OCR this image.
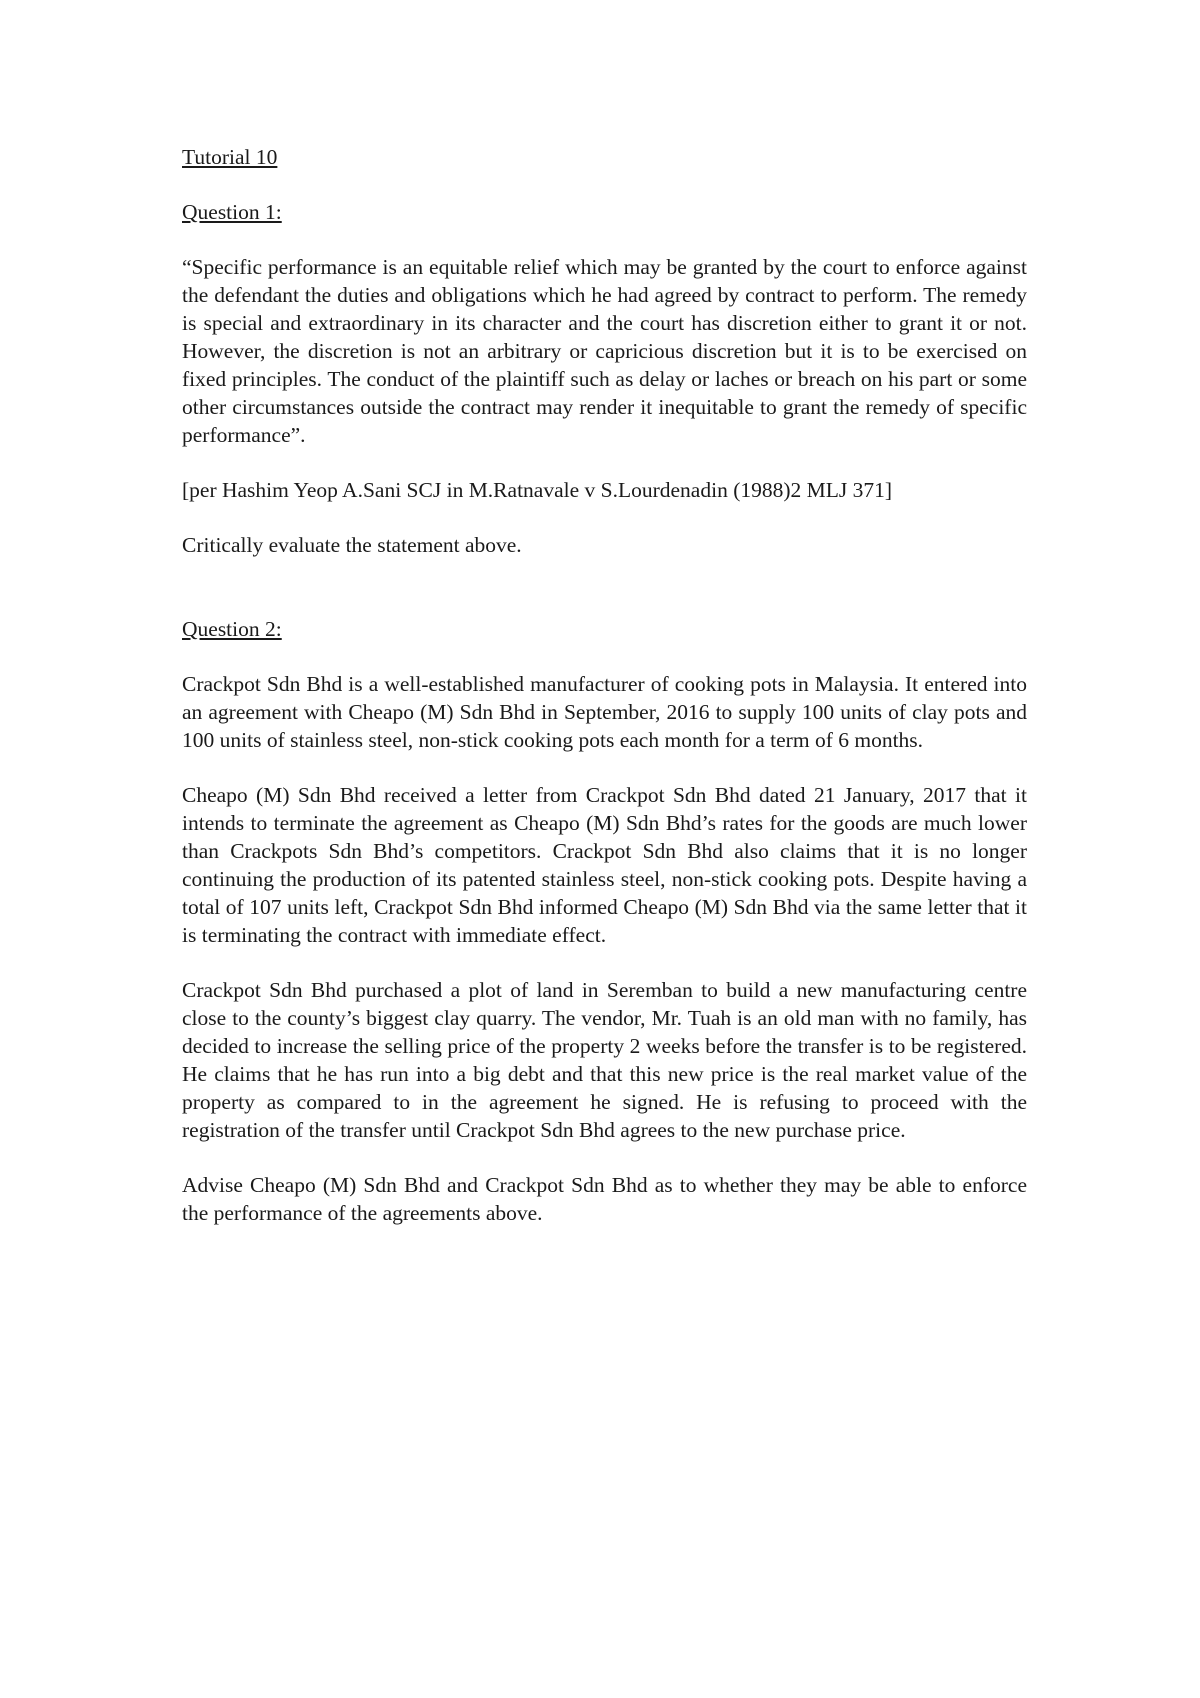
Tutorial 10
Question 1:
“Specific performance is an equitable relief which may be granted by the court to enforce against the defendant the duties and obligations which he had agreed by contract to perform. The remedy is special and extraordinary in its character and the court has discretion either to grant it or not. However, the discretion is not an arbitrary or capricious discretion but it is to be exercised on fixed principles. The conduct of the plaintiff such as delay or laches or breach on his part or some other circumstances outside the contract may render it inequitable to grant the remedy of specific performance”.
[per Hashim Yeop A.Sani SCJ in M.Ratnavale v S.Lourdenadin (1988)2 MLJ 371]
Critically evaluate the statement above.
Question 2:
Crackpot Sdn Bhd is a well-established manufacturer of cooking pots in Malaysia. It entered into an agreement with Cheapo (M) Sdn Bhd in September, 2016 to supply 100 units of clay pots and 100 units of stainless steel, non-stick cooking pots each month for a term of 6 months.
Cheapo (M) Sdn Bhd received a letter from Crackpot Sdn Bhd dated 21 January, 2017 that it intends to terminate the agreement as Cheapo (M) Sdn Bhd’s rates for the goods are much lower than Crackpots Sdn Bhd’s competitors. Crackpot Sdn Bhd also claims that it is no longer continuing the production of its patented stainless steel, non-stick cooking pots. Despite having a total of 107 units left, Crackpot Sdn Bhd informed Cheapo (M) Sdn Bhd via the same letter that it is terminating the contract with immediate effect.
Crackpot Sdn Bhd purchased a plot of land in Seremban to build a new manufacturing centre close to the county’s biggest clay quarry. The vendor, Mr. Tuah is an old man with no family, has decided to increase the selling price of the property 2 weeks before the transfer is to be registered. He claims that he has run into a big debt and that this new price is the real market value of the property as compared to in the agreement he signed. He is refusing to proceed with the registration of the transfer until Crackpot Sdn Bhd agrees to the new purchase price.
Advise Cheapo (M) Sdn Bhd and Crackpot Sdn Bhd as to whether they may be able to enforce the performance of the agreements above.
